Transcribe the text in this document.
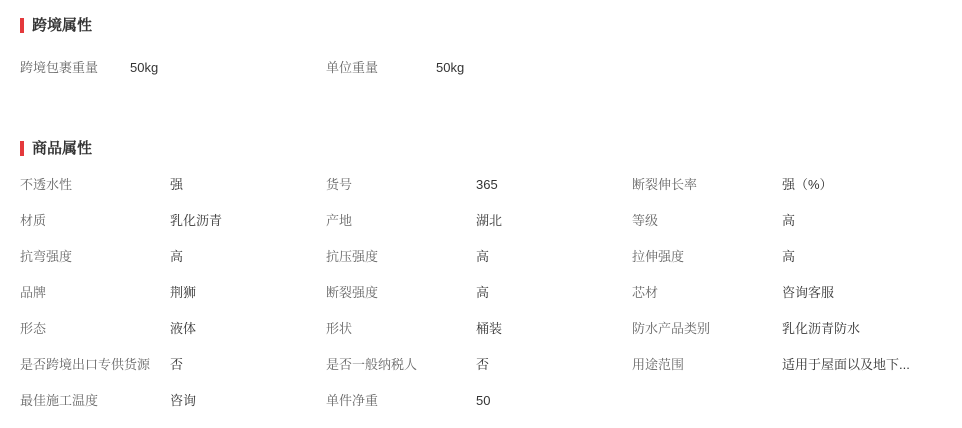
跨境属性
跨境包裹重量	50kg	单位重量	50kg
商品属性
不透水性	强	货号	365	断裂伸长率	强（%）
材质	乳化沥青	产地	湖北	等级	高
抗弯强度	高	抗压强度	高	拉伸强度	高
品牌	荆狮	断裂强度	高	芯材	咨询客服
形态	液体	形状	桶装	防水产品类别	乳化沥青防水
是否跨境出口专供货源	否	是否一般纳税人	否	用途范围	适用于屋面以及地下...
最佳施工温度	咨询	单件净重	50
